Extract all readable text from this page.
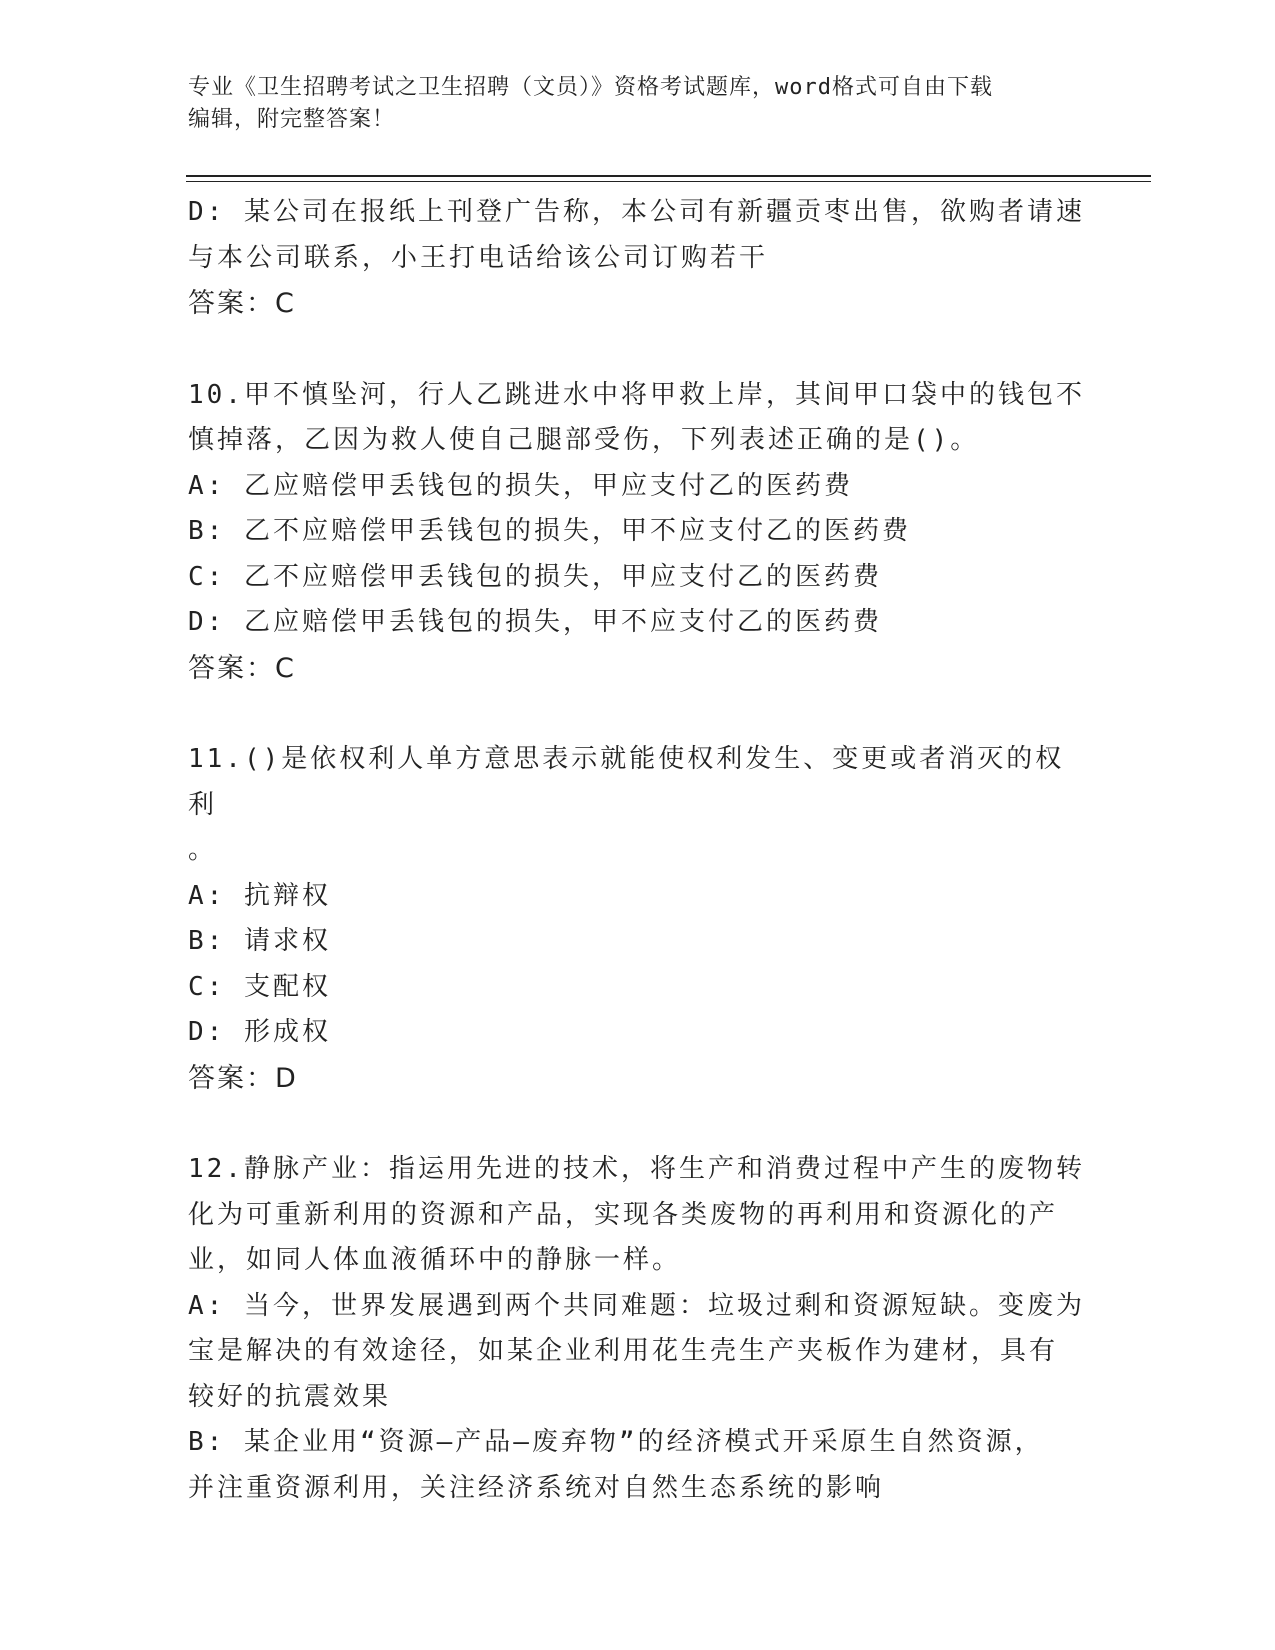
专业《卫生招聘考试之卫生招聘（文员）》资格考试题库，word格式可自由下载
编辑，附完整答案！

D: 某公司在报纸上刊登广告称，本公司有新疆贡枣出售，欲购者请速

与本公司联系，小王打电话给该公司订购若干

答案：C

10.甲不慎坠河，行人乙跳进水中将甲救上岸，其间甲口袋中的钱包不

慎掉落，乙因为救人使自己腿部受伤，下列表述正确的是()。

A: 乙应赔偿甲丢钱包的损失，甲应支付乙的医药费

B: 乙不应赔偿甲丢钱包的损失，甲不应支付乙的医药费

C: 乙不应赔偿甲丢钱包的损失，甲应支付乙的医药费

D: 乙应赔偿甲丢钱包的损失，甲不应支付乙的医药费

答案：C

11.()是依权利人单方意思表示就能使权利发生、变更或者消灭的权利

。

A: 抗辩权

B: 请求权

C: 支配权

D: 形成权

答案：D

12.静脉产业：指运用先进的技术，将生产和消费过程中产生的废物转

化为可重新利用的资源和产品，实现各类废物的再利用和资源化的产

业，如同人体血液循环中的静脉一样。

A: 当今，世界发展遇到两个共同难题：垃圾过剩和资源短缺。变废为

宝是解决的有效途径，如某企业利用花生壳生产夹板作为建材，具有

较好的抗震效果

B: 某企业用“资源—产品—废弃物”的经济模式开采原生自然资源，

并注重资源利用，关注经济系统对自然生态系统的影响
